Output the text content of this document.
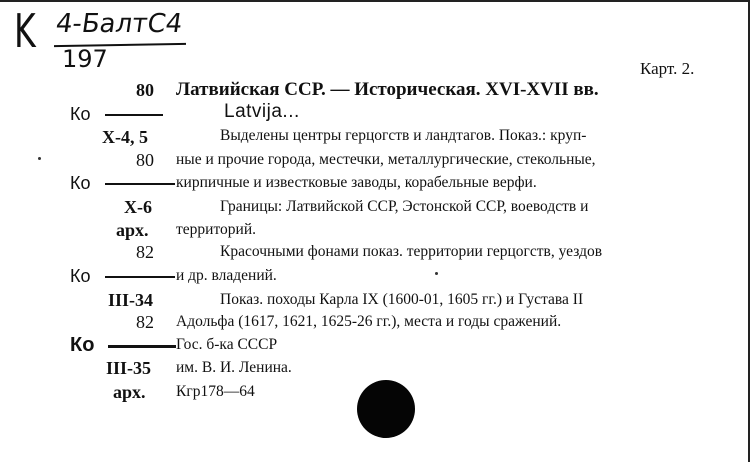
K 4-БалтС4
197	Карт. 2.
80 Латвийская ССР. — Историческая. XVI-XVII вв.
Ко
X-4, 5
80
Ко
X-6
арх.
82
Ко
III-34
82
Ко
III-35
арх.
Latvija...
Выделены центры герцогств и ландтагов. Показ.: круп-
ные и прочие города, местечки, металлургические, стекольные,
кирпичные и известковые заводы, корабельные верфи.
Границы: Латвийской ССР, Эстонской ССР, воеводств и
территорий.
Красочными фонами показ. территории герцогств, уездов
и др. владений.
Показ. походы Карла IX (1600-01, 1605 гг.) и Густава II
Адольфа (1617, 1621, 1625-26 гг.), места и годы сражений.
Гос. б-ка СССР
им. В. И. Ленина.
Кгр178—64
